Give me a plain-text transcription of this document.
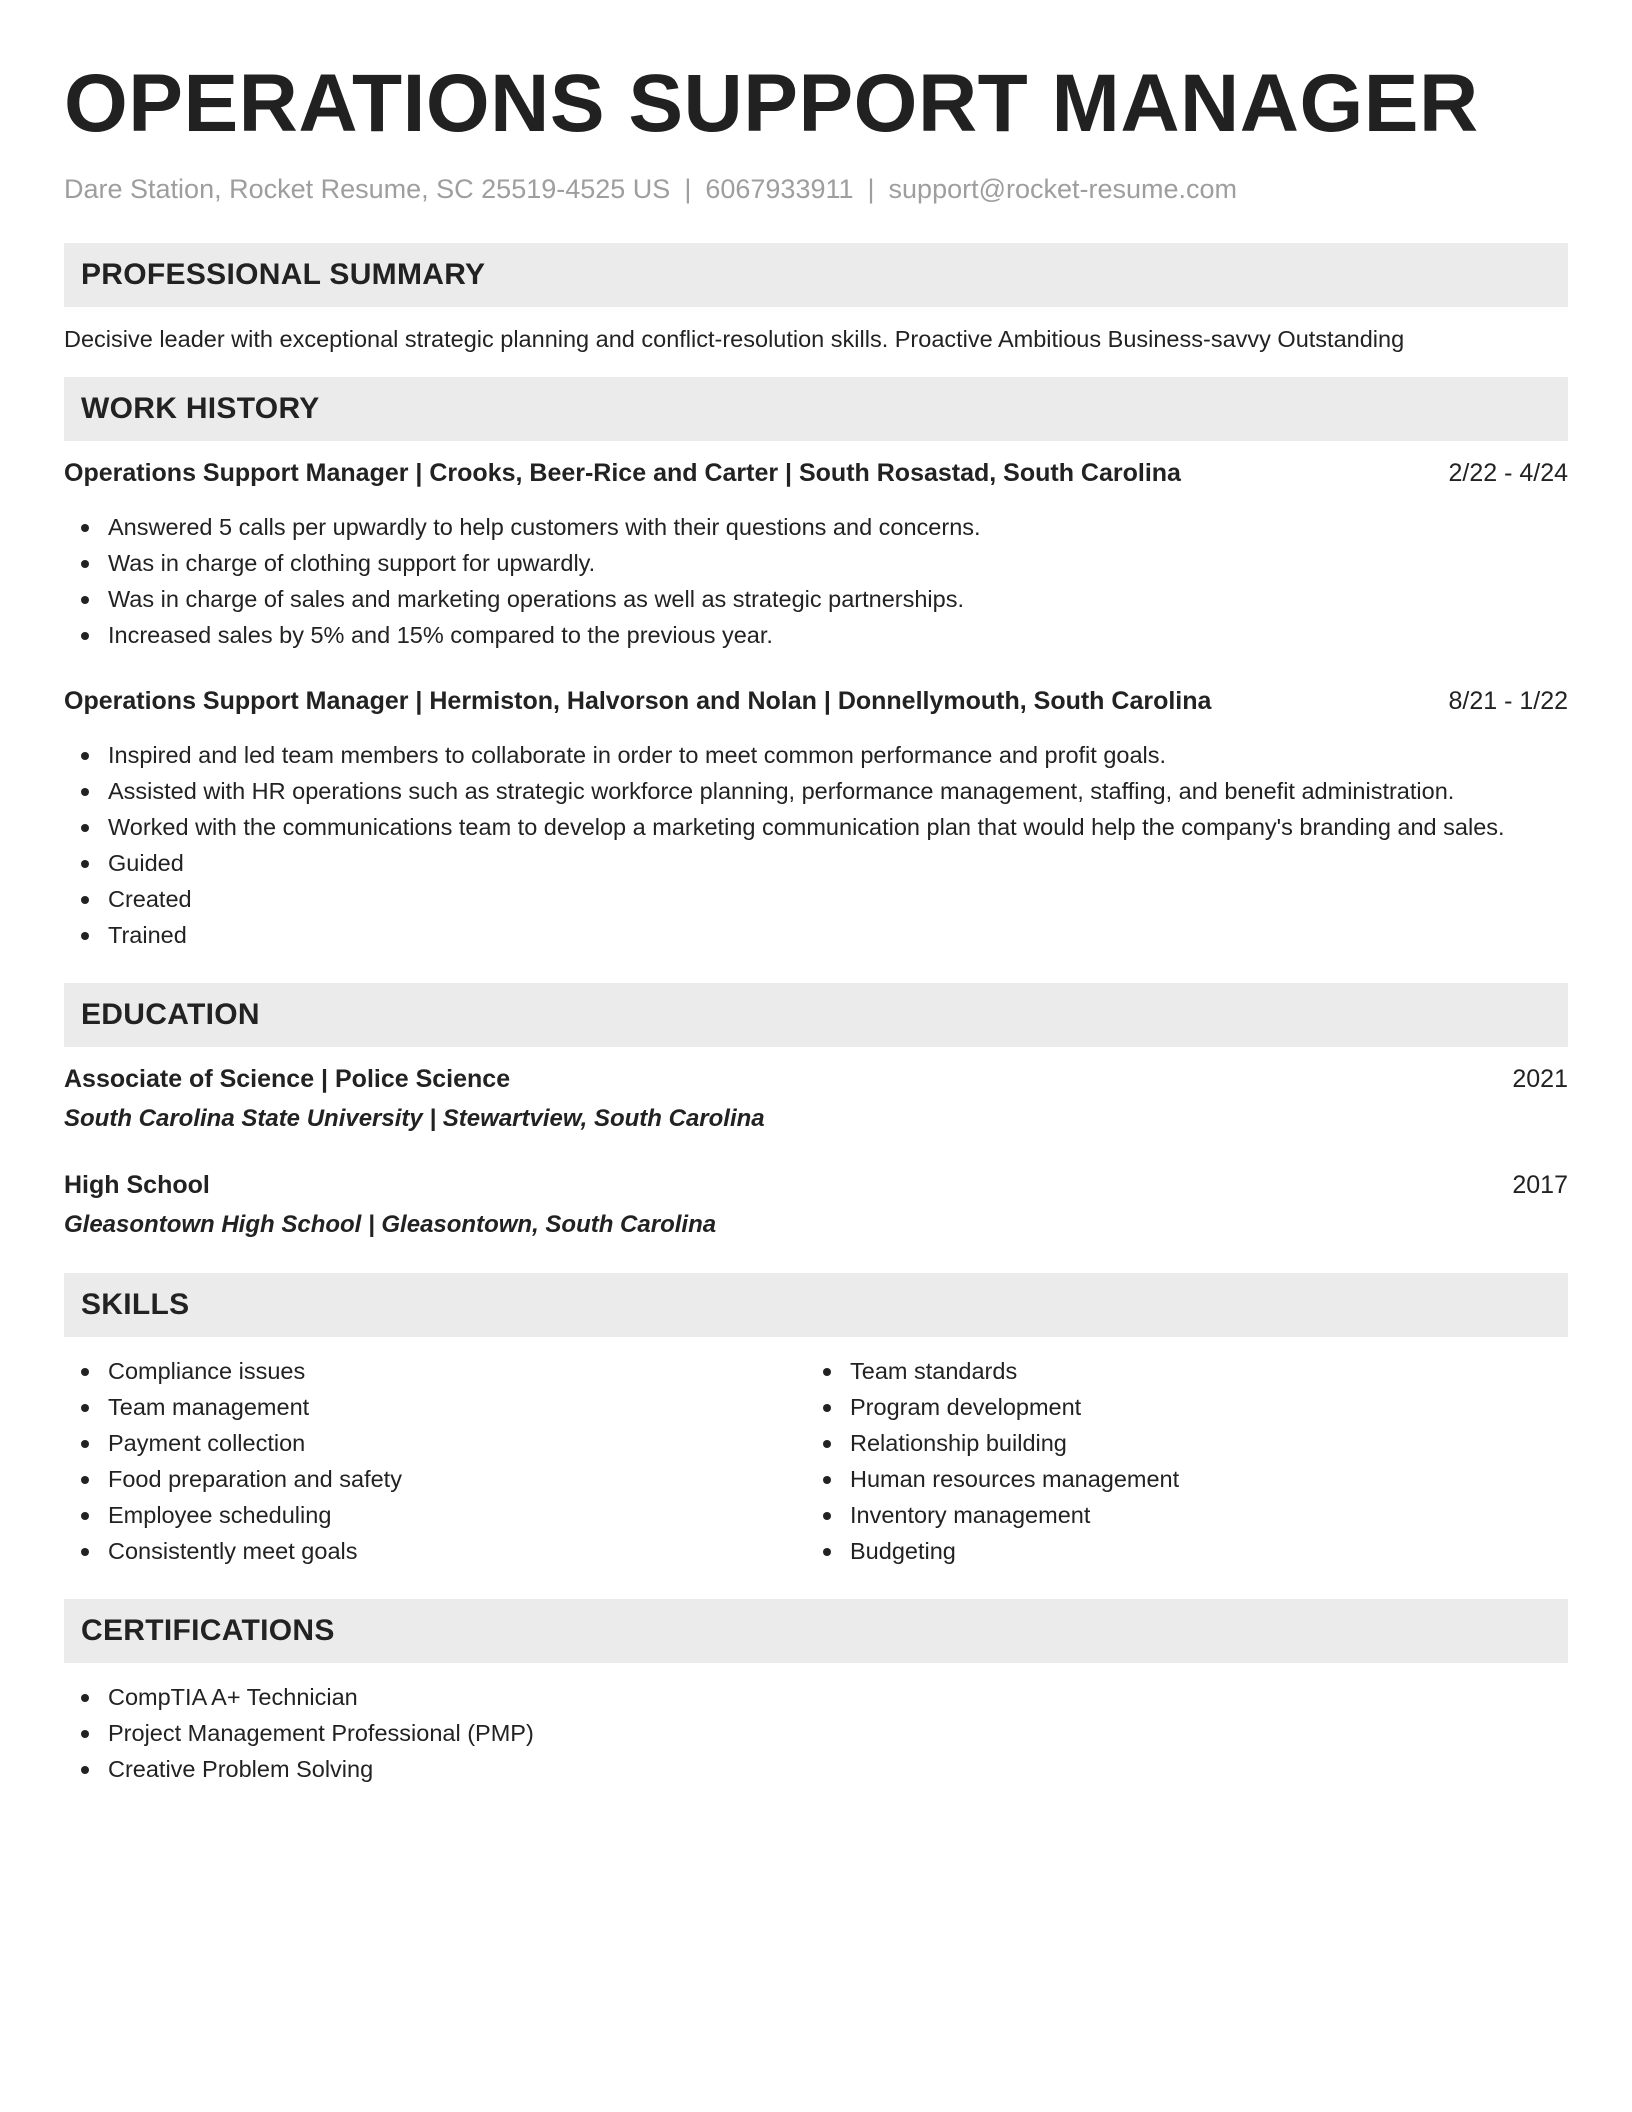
OPERATIONS SUPPORT MANAGER
Dare Station, Rocket Resume, SC 25519-4525 US | 6067933911 | support@rocket-resume.com
PROFESSIONAL SUMMARY
Decisive leader with exceptional strategic planning and conflict-resolution skills. Proactive Ambitious Business-savvy Outstanding
WORK HISTORY
Operations Support Manager | Crooks, Beer-Rice and Carter | South Rosastad, South Carolina	2/22 - 4/24
Answered 5 calls per upwardly to help customers with their questions and concerns.
Was in charge of clothing support for upwardly.
Was in charge of sales and marketing operations as well as strategic partnerships.
Increased sales by 5% and 15% compared to the previous year.
Operations Support Manager | Hermiston, Halvorson and Nolan | Donnellymouth, South Carolina	8/21 - 1/22
Inspired and led team members to collaborate in order to meet common performance and profit goals.
Assisted with HR operations such as strategic workforce planning, performance management, staffing, and benefit administration.
Worked with the communications team to develop a marketing communication plan that would help the company's branding and sales.
Guided
Created
Trained
EDUCATION
Associate of Science | Police Science	2021
South Carolina State University | Stewartview, South Carolina
High School	2017
Gleasontown High School | Gleasontown, South Carolina
SKILLS
Compliance issues
Team management
Payment collection
Food preparation and safety
Employee scheduling
Consistently meet goals
Team standards
Program development
Relationship building
Human resources management
Inventory management
Budgeting
CERTIFICATIONS
CompTIA A+ Technician
Project Management Professional (PMP)
Creative Problem Solving
